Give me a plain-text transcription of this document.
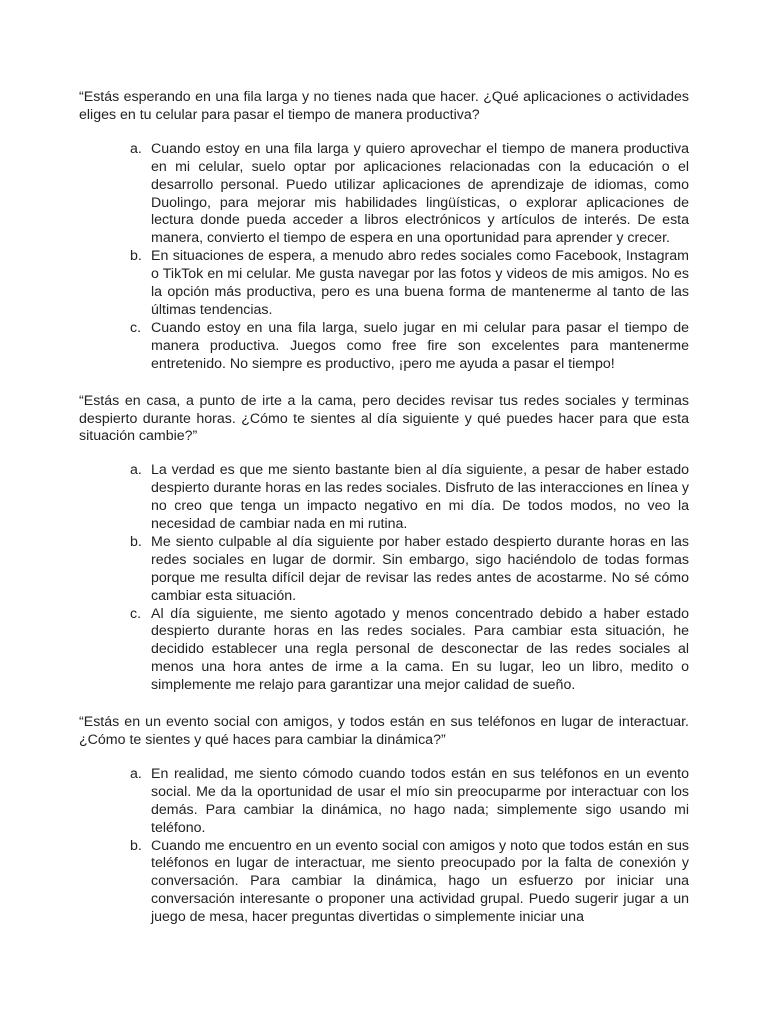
“Estás esperando en una fila larga y no tienes nada que hacer. ¿Qué aplicaciones o actividades eliges en tu celular para pasar el tiempo de manera productiva?

a. Cuando estoy en una fila larga y quiero aprovechar el tiempo de manera productiva en mi celular, suelo optar por aplicaciones relacionadas con la educación o el desarrollo personal. Puedo utilizar aplicaciones de aprendizaje de idiomas, como Duolingo, para mejorar mis habilidades lingüísticas, o explorar aplicaciones de lectura donde pueda acceder a libros electrónicos y artículos de interés. De esta manera, convierto el tiempo de espera en una oportunidad para aprender y crecer.
b. En situaciones de espera, a menudo abro redes sociales como Facebook, Instagram o TikTok en mi celular. Me gusta navegar por las fotos y videos de mis amigos. No es la opción más productiva, pero es una buena forma de mantenerme al tanto de las últimas tendencias.
c. Cuando estoy en una fila larga, suelo jugar en mi celular para pasar el tiempo de manera productiva. Juegos como free fire son excelentes para mantenerme entretenido. No siempre es productivo, ¡pero me ayuda a pasar el tiempo!

“Estás en casa, a punto de irte a la cama, pero decides revisar tus redes sociales y terminas despierto durante horas. ¿Cómo te sientes al día siguiente y qué puedes hacer para que esta situación cambie?”

a. La verdad es que me siento bastante bien al día siguiente, a pesar de haber estado despierto durante horas en las redes sociales. Disfruto de las interacciones en línea y no creo que tenga un impacto negativo en mi día. De todos modos, no veo la necesidad de cambiar nada en mi rutina.
b. Me siento culpable al día siguiente por haber estado despierto durante horas en las redes sociales en lugar de dormir. Sin embargo, sigo haciéndolo de todas formas porque me resulta difícil dejar de revisar las redes antes de acostarme. No sé cómo cambiar esta situación.
c. Al día siguiente, me siento agotado y menos concentrado debido a haber estado despierto durante horas en las redes sociales. Para cambiar esta situación, he decidido establecer una regla personal de desconectar de las redes sociales al menos una hora antes de irme a la cama. En su lugar, leo un libro, medito o simplemente me relajo para garantizar una mejor calidad de sueño.

“Estás en un evento social con amigos, y todos están en sus teléfonos en lugar de interactuar. ¿Cómo te sientes y qué haces para cambiar la dinámica?”

a. En realidad, me siento cómodo cuando todos están en sus teléfonos en un evento social. Me da la oportunidad de usar el mío sin preocuparme por interactuar con los demás. Para cambiar la dinámica, no hago nada; simplemente sigo usando mi teléfono.
b. Cuando me encuentro en un evento social con amigos y noto que todos están en sus teléfonos en lugar de interactuar, me siento preocupado por la falta de conexión y conversación. Para cambiar la dinámica, hago un esfuerzo por iniciar una conversación interesante o proponer una actividad grupal. Puedo sugerir jugar a un juego de mesa, hacer preguntas divertidas o simplemente iniciar una
